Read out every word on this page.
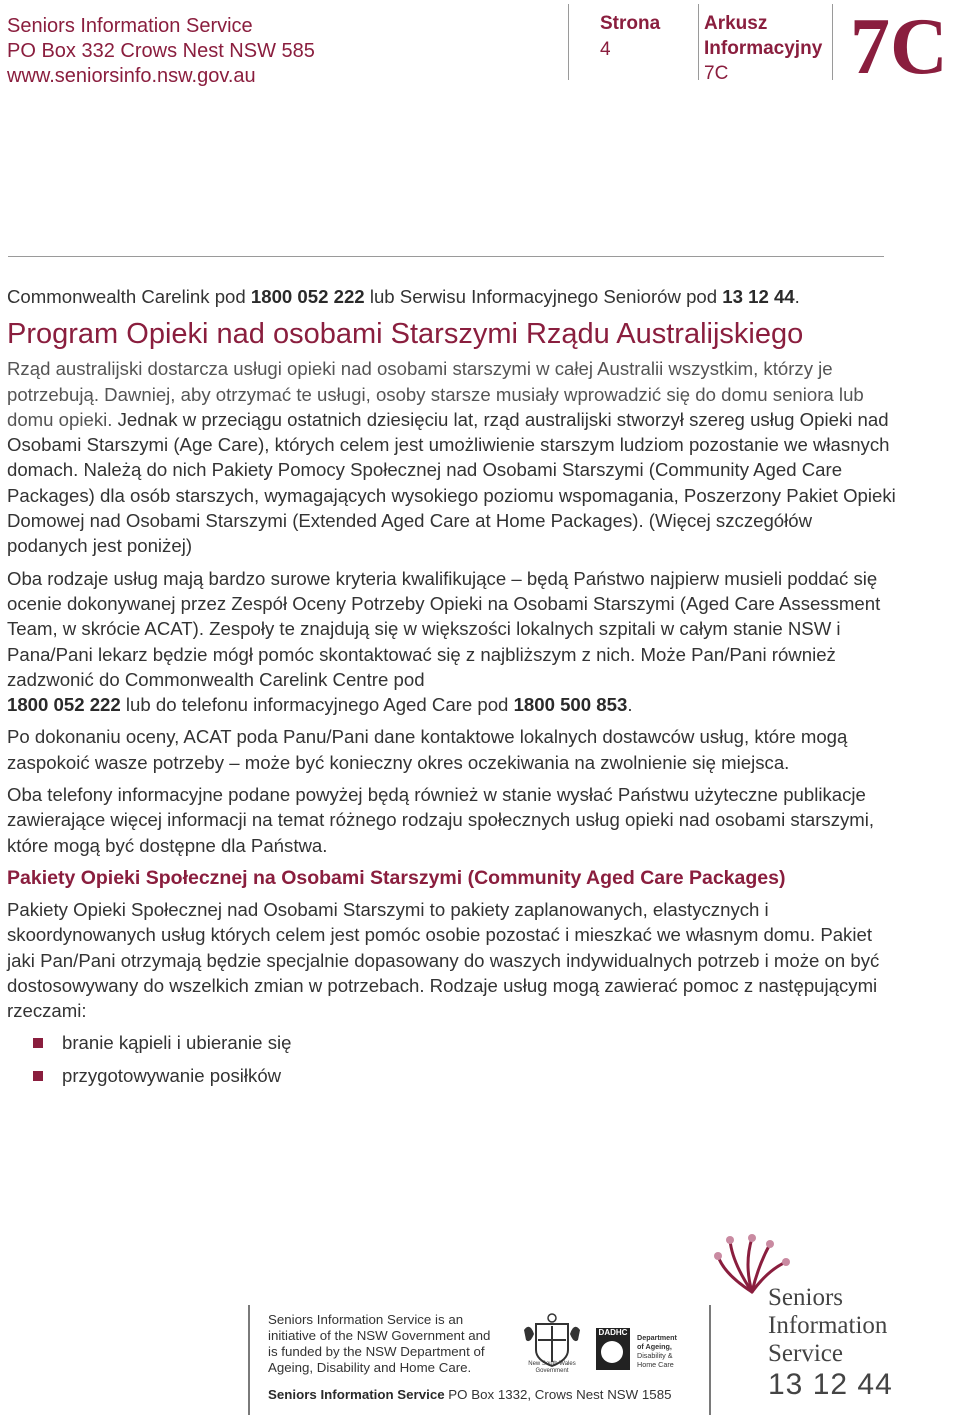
Seniors Information Service
PO Box 332 Crows Nest NSW 585
www.seniorsinfo.nsw.gov.au
Strona
4
Arkusz
Informacyjny
7C	7C

Commonwealth Carelink pod 1800 052 222 lub Serwisu Informacyjnego Seniorów pod 13 12 44.

Program Opieki nad osobami Starszymi Rządu Australijskiego

Rząd australijski dostarcza usługi opieki nad osobami starszymi w całej Australii wszystkim, którzy je potrzebują. Dawniej, aby otrzymać te usługi, osoby starsze musiały wprowadzić się do domu seniora lub domu opieki. Jednak w przeciągu ostatnich dziesięciu lat, rząd australijski stworzył szereg usług Opieki nad Osobami Starszymi (Age Care), których celem jest umożliwienie starszym ludziom pozostanie we własnych domach. Należą do nich Pakiety Pomocy Społecznej nad Osobami Starszymi (Community Aged Care Packages) dla osób starszych, wymagających wysokiego poziomu wspomagania, Poszerzony Pakiet Opieki Domowej nad Osobami Starszymi (Extended Aged Care at Home Packages). (Więcej szczegółów podanych jest poniżej)

Oba rodzaje usług mają bardzo surowe kryteria kwalifikujące – będą Państwo najpierw musieli poddać się ocenie dokonywanej przez Zespół Oceny Potrzeby Opieki na Osobami Starszymi (Aged Care Assessment Team, w skrócie ACAT). Zespoły te znajdują się w większości lokalnych szpitali w całym stanie NSW i Pana/Pani lekarz będzie mógł pomóc skontaktować się z najbliższym z nich. Może Pan/Pani również zadzwonić do Commonwealth Carelink Centre pod
1800 052 222 lub do telefonu informacyjnego Aged Care pod 1800 500 853.

Po dokonaniu oceny, ACAT poda Panu/Pani dane kontaktowe lokalnych dostawców usług, które mogą zaspokoić wasze potrzeby – może być konieczny okres oczekiwania na zwolnienie się miejsca.

Oba telefony informacyjne podane powyżej będą również w stanie wysłać Państwu użyteczne publikacje zawierające więcej informacji na temat różnego rodzaju społecznych usług opieki nad osobami starszymi, które mogą być dostępne dla Państwa.

Pakiety Opieki Społecznej na Osobami Starszymi (Community Aged Care Packages)

Pakiety Opieki Społecznej nad Osobami Starszymi to pakiety zaplanowanych, elastycznych i skoordynowanych usług których celem jest pomóc osobie pozostać i mieszkać we własnym domu. Pakiet jaki Pan/Pani otrzymają będzie specjalnie dopasowany do waszych indywidualnych potrzeb i może on być dostosowywany do wszelkich zmian w potrzebach. Rodzaje usług mogą zawierać pomoc z następującymi rzeczami:

branie kąpieli i ubieranie się
przygotowywanie posiłków
Seniors Information Service is an
initiative of the NSW Government and
is funded by the NSW Department of
Ageing, Disability and Home Care.
Seniors Information Service PO Box 1332, Crows Nest NSW 1585
New South Wales
Government
DADHC
Department
of Ageing,
Disability &
Home Care
Seniors
Information
Service
13 12 44
